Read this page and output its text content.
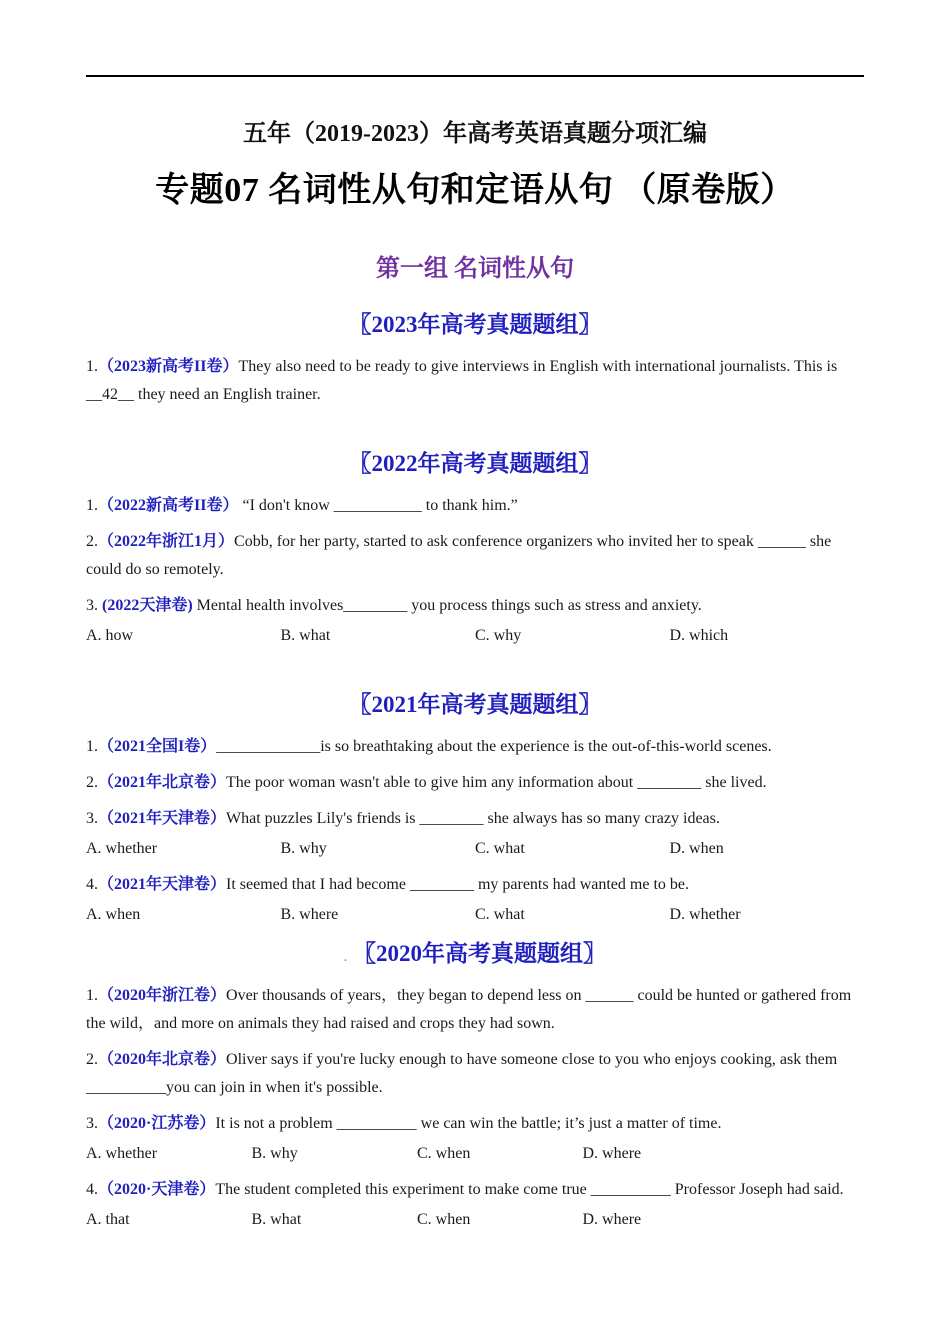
五年（2019-2023）年高考英语真题分项汇编
专题07 名词性从句和定语从句 （原卷版）
第一组 名词性从句
〖2023年高考真题题组〗

1.（2023新高考II卷）They also need to be ready to give interviews in English with international journalists. This is __42__ they need an English trainer.

〖2022年高考真题题组〗

1.（2022新高考II卷） “I don't know ___________ to thank him.”

2.（2022年浙江1月）Cobb, for her party, started to ask conference organizers who invited her to speak ______ she could do so remotely.

3. (2022天津卷) Mental health involves________ you process things such as stress and anxiety.

A. how	B. what	C. why	D. which
〖2021年高考真题题组〗

1.（2021全国I卷）_____________is so breathtaking about the experience is the out-of-this-world scenes.

2.（2021年北京卷）The poor woman wasn't able to give him any information about ________ she lived.

3.（2021年天津卷）What puzzles Lily's friends is ________ she always has so many crazy ideas.

A. whether	B. why	C. what	D. when

4.（2021年天津卷）It seemed that I had become ________ my parents had wanted me to be.

A. when	B. where	C. what	D. whether
. 〖2020年高考真题题组〗

1.（2020年浙江卷）Over thousands of years，they began to depend less on ______ could be hunted or gathered from the wild，and more on animals they had raised and crops they had sown.

2.（2020年北京卷）Oliver says if you're lucky enough to have someone close to you who enjoys cooking, ask them __________you can join in when it's possible.

3.（2020·江苏卷）It is not a problem __________ we can win the battle; it’s just a matter of time.

A. whether	B. why	C. when	D. where

4.（2020·天津卷）The student completed this experiment to make come true __________ Professor Joseph had said.

A. that	B. what	C. when	D. where
